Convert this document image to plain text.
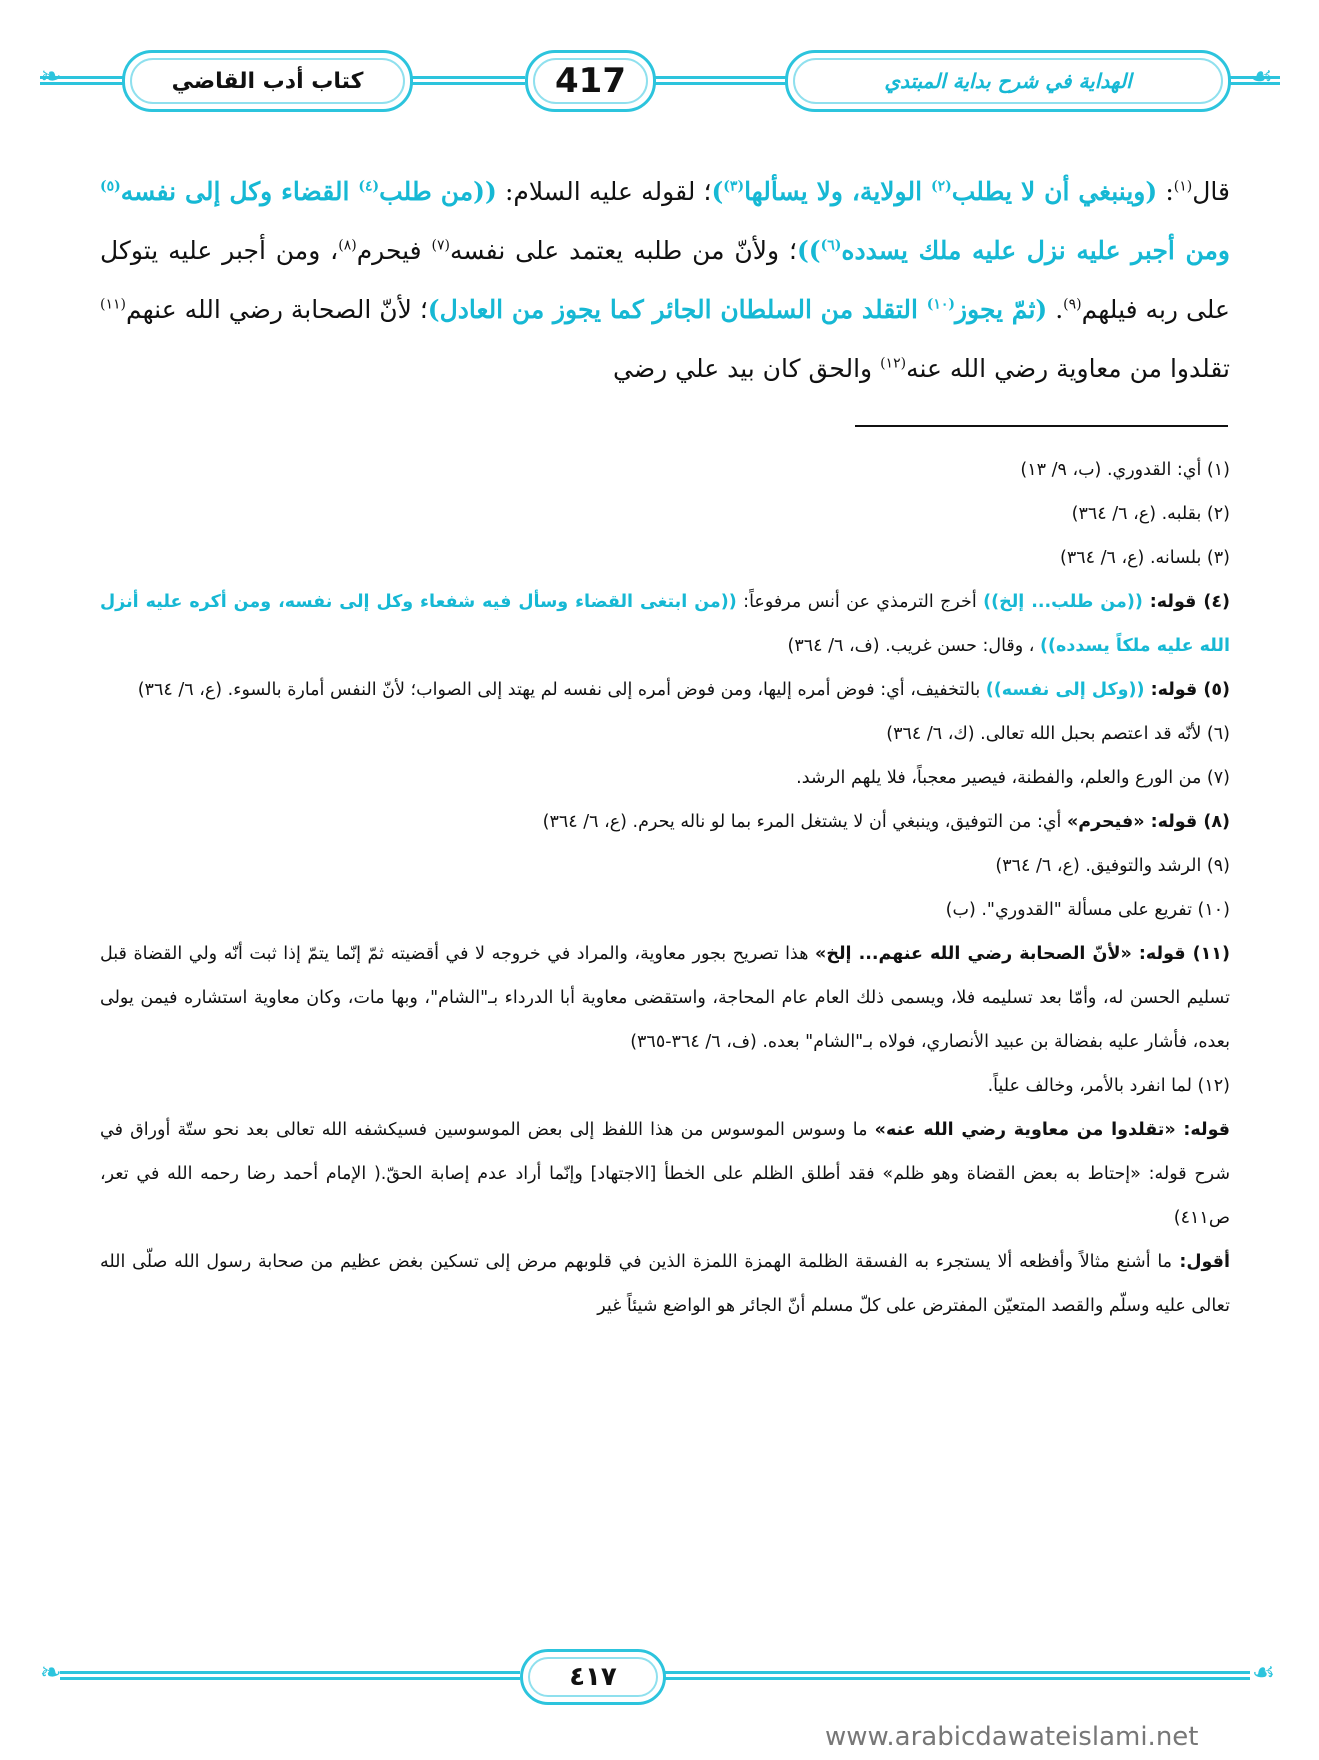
❧	☙
كتاب أدب القاضي	417	الهداية في شرح بداية المبتدي
قال$^{(١)}$: (وينبغي أن لا يطلب$^{(٢)}$ الولاية، ولا يسألها$^{(٣)}$)؛ لقوله عليه السلام: ((من طلب$^{(٤)}$ القضاء وكل إلى نفسه$^{(٥)}$ ومن أجبر عليه نزل عليه ملك يسدده$^{(٦)}$))؛ ولأنّ من طلبه يعتمد على نفسه$^{(٧)}$ فيحرم$^{(٨)}$، ومن أجبر عليه يتوكل على ربه فيلهم$^{(٩)}$. (ثمّ يجوز$^{(١٠)}$ التقلد من السلطان الجائر كما يجوز من العادل)؛ لأنّ الصحابة رضي الله عنهم$^{(١١)}$ تقلدوا من معاوية رضي الله عنه$^{(١٢)}$ والحق كان بيد علي رضي
(١) أي: القدوري. (ب، ٩/ ١٣)
(٢) بقلبه. (ع، ٦/ ٣٦٤)
(٣) بلسانه. (ع، ٦/ ٣٦٤)
(٤) قوله: ((من طلب... إلخ)) أخرج الترمذي عن أنس مرفوعاً: ((من ابتغى القضاء وسأل فيه شفعاء وكل إلى نفسه، ومن أكره عليه أنزل الله عليه ملكاً يسدده)) ، وقال: حسن غريب. (ف، ٦/ ٣٦٤)
(٥) قوله: ((وكل إلى نفسه)) بالتخفيف، أي: فوض أمره إليها، ومن فوض أمره إلى نفسه لم يهتد إلى الصواب؛ لأنّ النفس أمارة بالسوء. (ع، ٦/ ٣٦٤)
(٦) لأنّه قد اعتصم بحبل الله تعالى. (ك، ٦/ ٣٦٤)
(٧) من الورع والعلم، والفطنة، فيصير معجباً، فلا يلهم الرشد.
(٨) قوله: «فيحرم» أي: من التوفيق، وينبغي أن لا يشتغل المرء بما لو ناله يحرم. (ع، ٦/ ٣٦٤)
(٩) الرشد والتوفيق. (ع، ٦/ ٣٦٤)
(١٠) تفريع على مسألة "القدوري". (ب)
(١١) قوله: «لأنّ الصحابة رضي الله عنهم... إلخ» هذا تصريح بجور معاوية، والمراد في خروجه لا في أقضيته ثمّ إنّما يتمّ إذا ثبت أنّه ولي القضاة قبل تسليم الحسن له، وأمّا بعد تسليمه فلا، ويسمى ذلك العام عام المحاجة، واستقضى معاوية أبا الدرداء بـ"الشام"، وبها مات، وكان معاوية استشاره فيمن يولى بعده، فأشار عليه بفضالة بن عبيد الأنصاري، فولاه بـ"الشام" بعده. (ف، ٦/ ٣٦٤-٣٦٥)
(١٢) لما انفرد بالأمر، وخالف علياً.
قوله: «تقلدوا من معاوية رضي الله عنه» ما وسوس الموسوس من هذا اللفظ إلى بعض الموسوسين فسيكشفه الله تعالى بعد نحو ستّة أوراق في شرح قوله: «إحتاط به بعض القضاة وهو ظلم» فقد أطلق الظلم على الخطأ [الاجتهاد] وإنّما أراد عدم إصابة الحقّ.( الإمام أحمد رضا رحمه الله في تعر، ص٤١١)
أقول: ما أشنع مثالاً وأفظعه ألا يستجرء به الفسقة الظلمة الهمزة اللمزة الذين في قلوبهم مرض إلى تسكين بغض عظيم من صحابة رسول الله صلّى الله تعالى عليه وسلّم والقصد المتعيّن المفترض على كلّ مسلم أنّ الجائر هو الواضع شيئاً غير
❧	☙
٤١٧
www.arabicdawateislami.net
